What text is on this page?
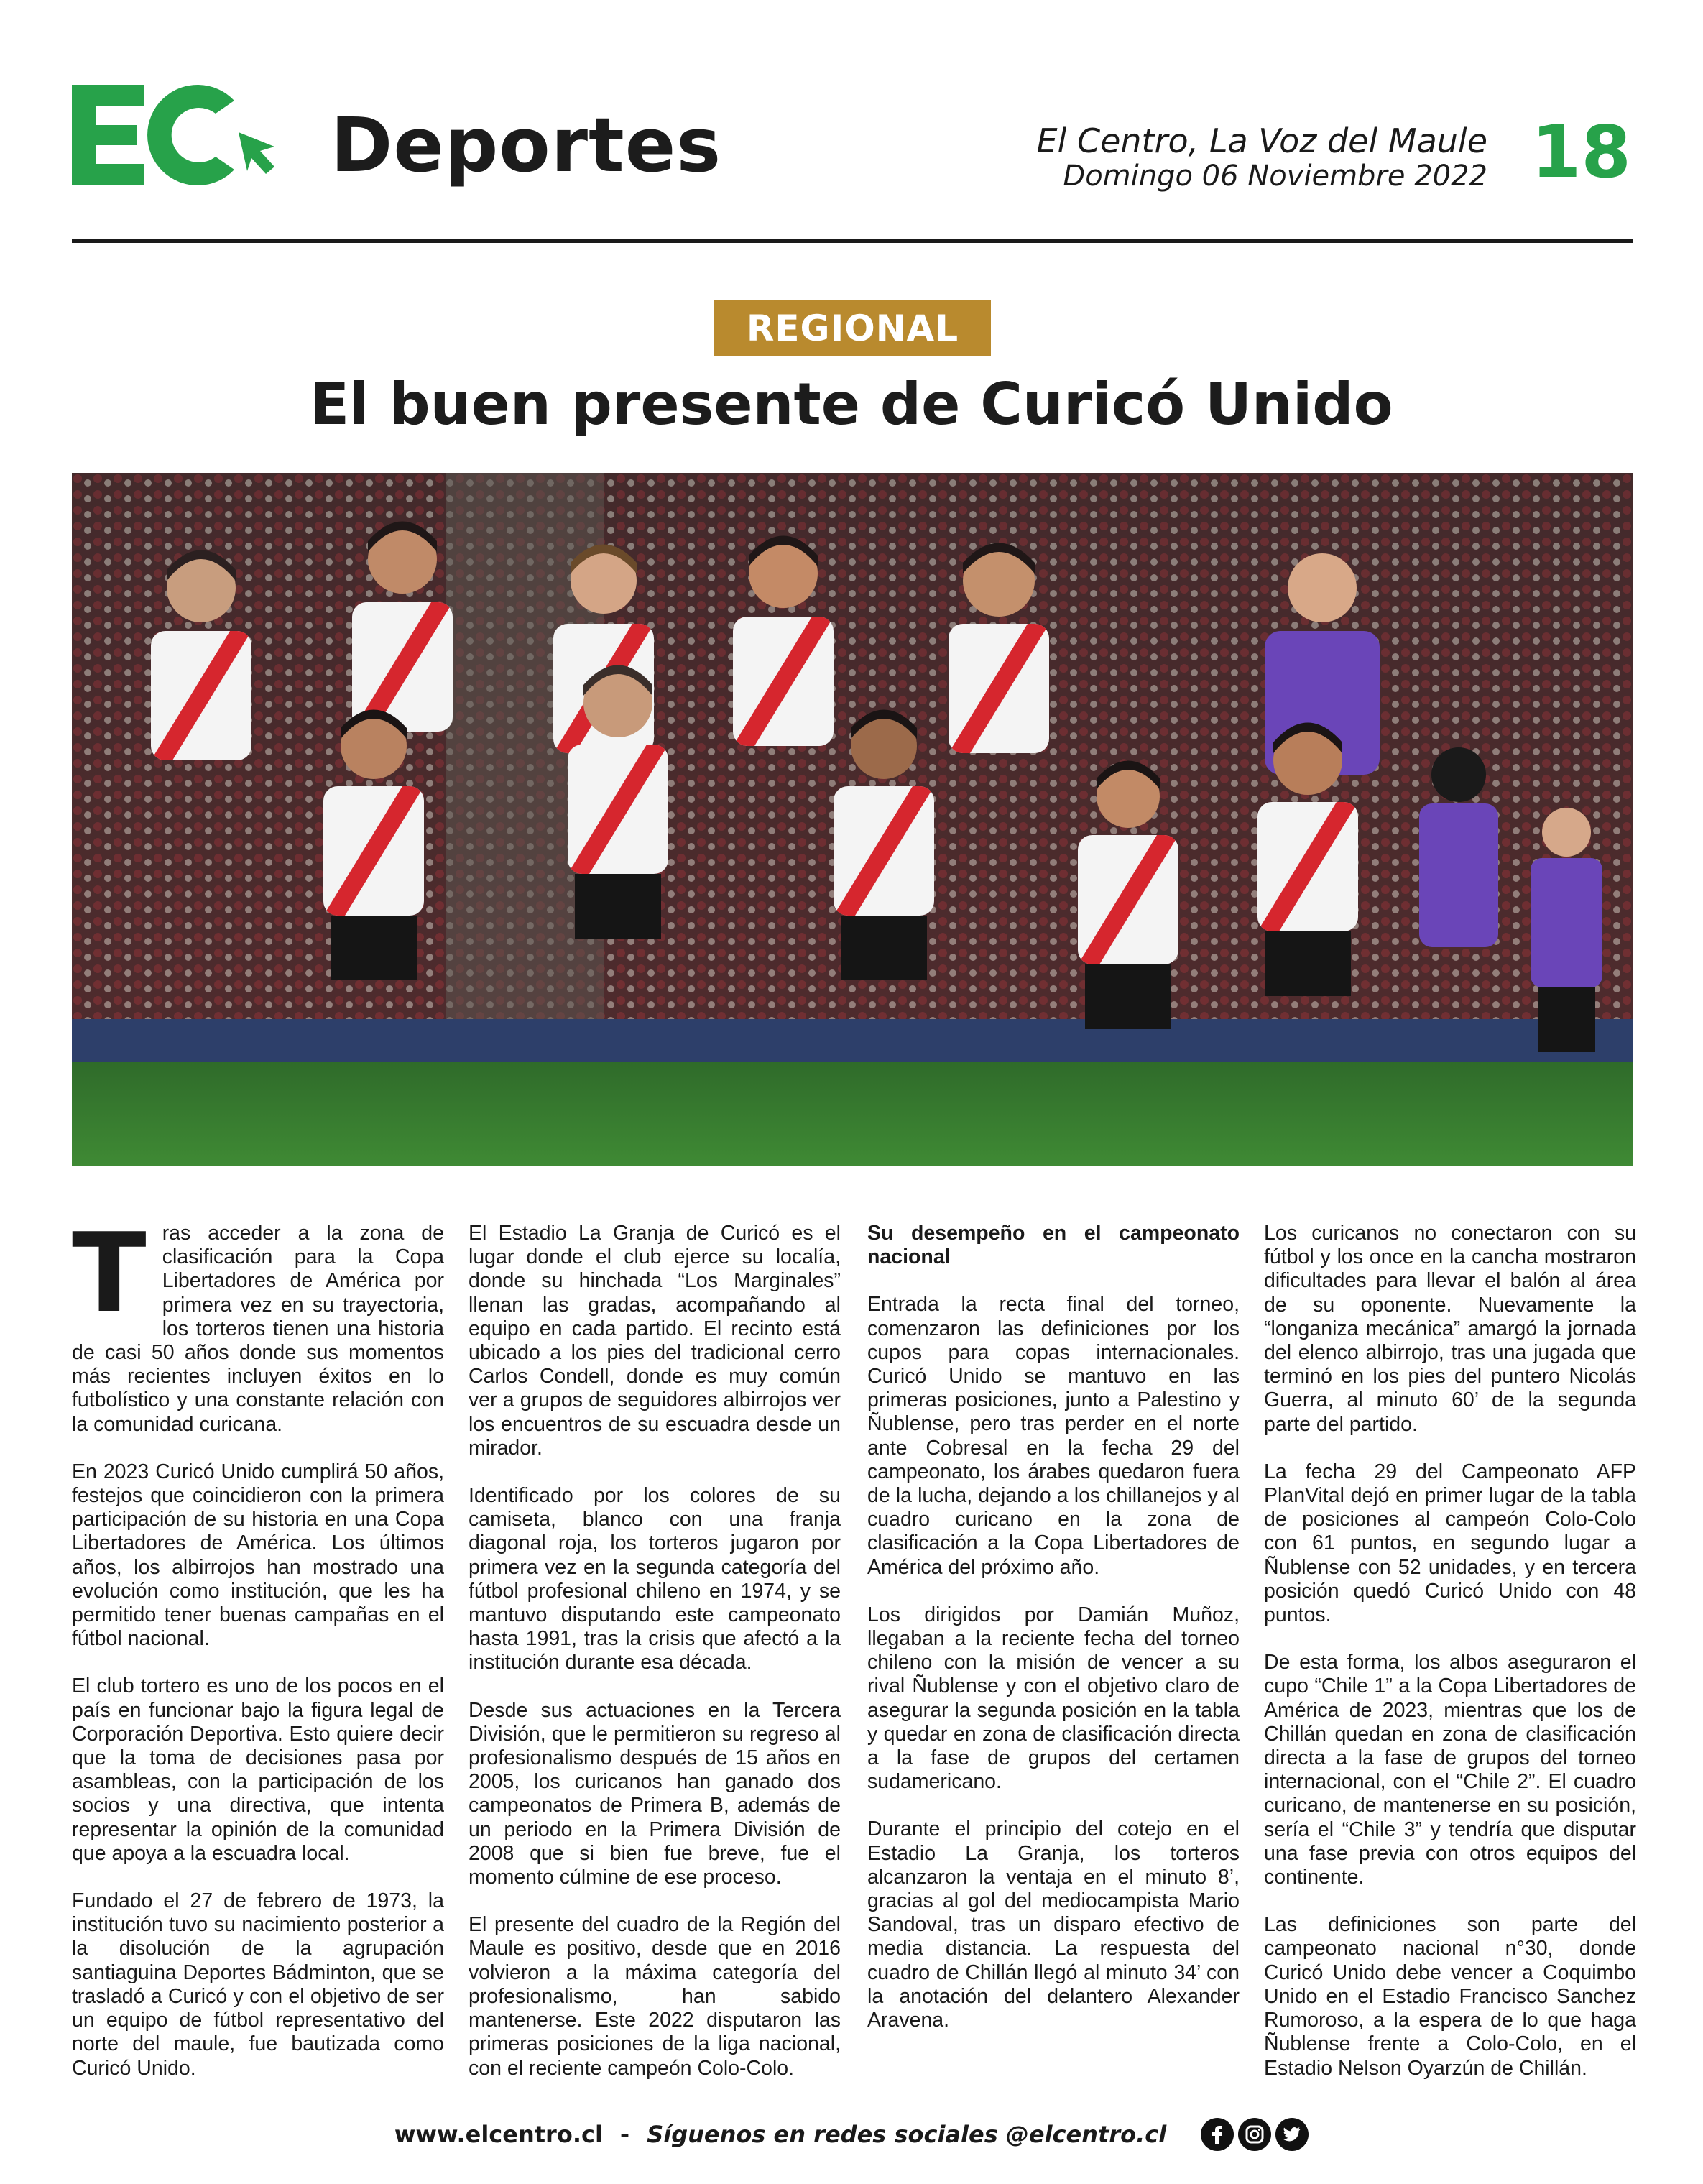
Deportes	El Centro, La Voz del Maule
Domingo 06 Noviembre 2022 18
REGIONAL
El buen presente de Curicó Unido

Tras acceder a la zona de clasificación para la Copa Libertadores de América por primera vez en su trayectoria, los torteros tienen una historia de casi 50 años donde sus momentos más recientes incluyen éxitos en lo futbolístico y una constante relación con la comunidad curicana.

En 2023 Curicó Unido cumplirá 50 años, festejos que coincidieron con la primera participación de su historia en una Copa Libertadores de América. Los últimos años, los albirrojos han mostrado una evolución como institución, que les ha permitido tener buenas campañas en el fútbol nacional.

El club tortero es uno de los pocos en el país en funcionar bajo la figura legal de Corporación Deportiva. Esto quiere decir que la toma de decisiones pasa por asambleas, con la participación de los socios y una directiva, que intenta representar la opinión de la comunidad que apoya a la escuadra local.

Fundado el 27 de febrero de 1973, la institución tuvo su nacimiento posterior a la disolución de la agrupación santiaguina Deportes Bádminton, que se trasladó a Curicó y con el objetivo de ser un equipo de fútbol representativo del norte del maule, fue bautizada como Curicó Unido.

El Estadio La Granja de Curicó es el lugar donde el club ejerce su localía, donde su hinchada “Los Marginales” llenan las gradas, acompañando al equipo en cada partido. El recinto está ubicado a los pies del tradicional cerro Carlos Condell, donde es muy común ver a grupos de seguidores albirrojos ver los encuentros de su escuadra desde un mirador.

Identificado por los colores de su camiseta, blanco con una franja diagonal roja, los torteros jugaron por primera vez en la segunda categoría del fútbol profesional chileno en 1974, y se mantuvo disputando este campeonato hasta 1991, tras la crisis que afectó a la institución durante esa década.

Desde sus actuaciones en la Tercera División, que le permitieron su regreso al profesionalismo después de 15 años en 2005, los curicanos han ganado dos campeonatos de Primera B, además de un periodo en la Primera División de 2008 que si bien fue breve, fue el momento cúlmine de ese proceso.

El presente del cuadro de la Región del Maule es positivo, desde que en 2016 volvieron a la máxima categoría del profesionalismo, han sabido mantenerse. Este 2022 disputaron las primeras posiciones de la liga nacional, con el reciente campeón Colo-Colo.

Su desempeño en el campeonato nacional

Entrada la recta final del torneo, comenzaron las definiciones por los cupos para copas internacionales. Curicó Unido se mantuvo en las primeras posiciones, junto a Palestino y Ñublense, pero tras perder en el norte ante Cobresal en la fecha 29 del campeonato, los árabes quedaron fuera de la lucha, dejando a los chillanejos y al cuadro curicano en la zona de clasificación a la Copa Libertadores de América del próximo año.

Los dirigidos por Damián Muñoz, llegaban a la reciente fecha del torneo chileno con la misión de vencer a su rival Ñublense y con el objetivo claro de asegurar la segunda posición en la tabla y quedar en zona de clasificación directa a la fase de grupos del certamen sudamericano.

Durante el principio del cotejo en el Estadio La Granja, los torteros alcanzaron la ventaja en el minuto 8’, gracias al gol del mediocampista Mario Sandoval, tras un disparo efectivo de media distancia. La respuesta del cuadro de Chillán llegó al minuto 34’ con la anotación del delantero Alexander Aravena.

Los curicanos no conectaron con su fútbol y los once en la cancha mostraron dificultades para llevar el balón al área de su oponente. Nuevamente la “longaniza mecánica” amargó la jornada del elenco albirrojo, tras una jugada que terminó en los pies del puntero Nicolás Guerra, al minuto 60’ de la segunda parte del partido.

La fecha 29 del Campeonato AFP PlanVital dejó en primer lugar de la tabla de posiciones al campeón Colo-Colo con 61 puntos, en segundo lugar a Ñublense con 52 unidades, y en tercera posición quedó Curicó Unido con 48 puntos.

De esta forma, los albos aseguraron el cupo “Chile 1” a la Copa Libertadores de América de 2023, mientras que los de Chillán quedan en zona de clasificación directa a la fase de grupos del torneo internacional, con el “Chile 2”. El cuadro curicano, de mantenerse en su posición, sería el “Chile 3” y tendría que disputar una fase previa con otros equipos del continente.

Las definiciones son parte del campeonato nacional n°30, donde Curicó Unido debe vencer a Coquimbo Unido en el Estadio Francisco Sanchez Rumoroso, a la espera de lo que haga Ñublense frente a Colo-Colo, en el Estadio Nelson Oyarzún de Chillán.

www.elcentro.cl - Síguenos en redes sociales @elcentro.cl
